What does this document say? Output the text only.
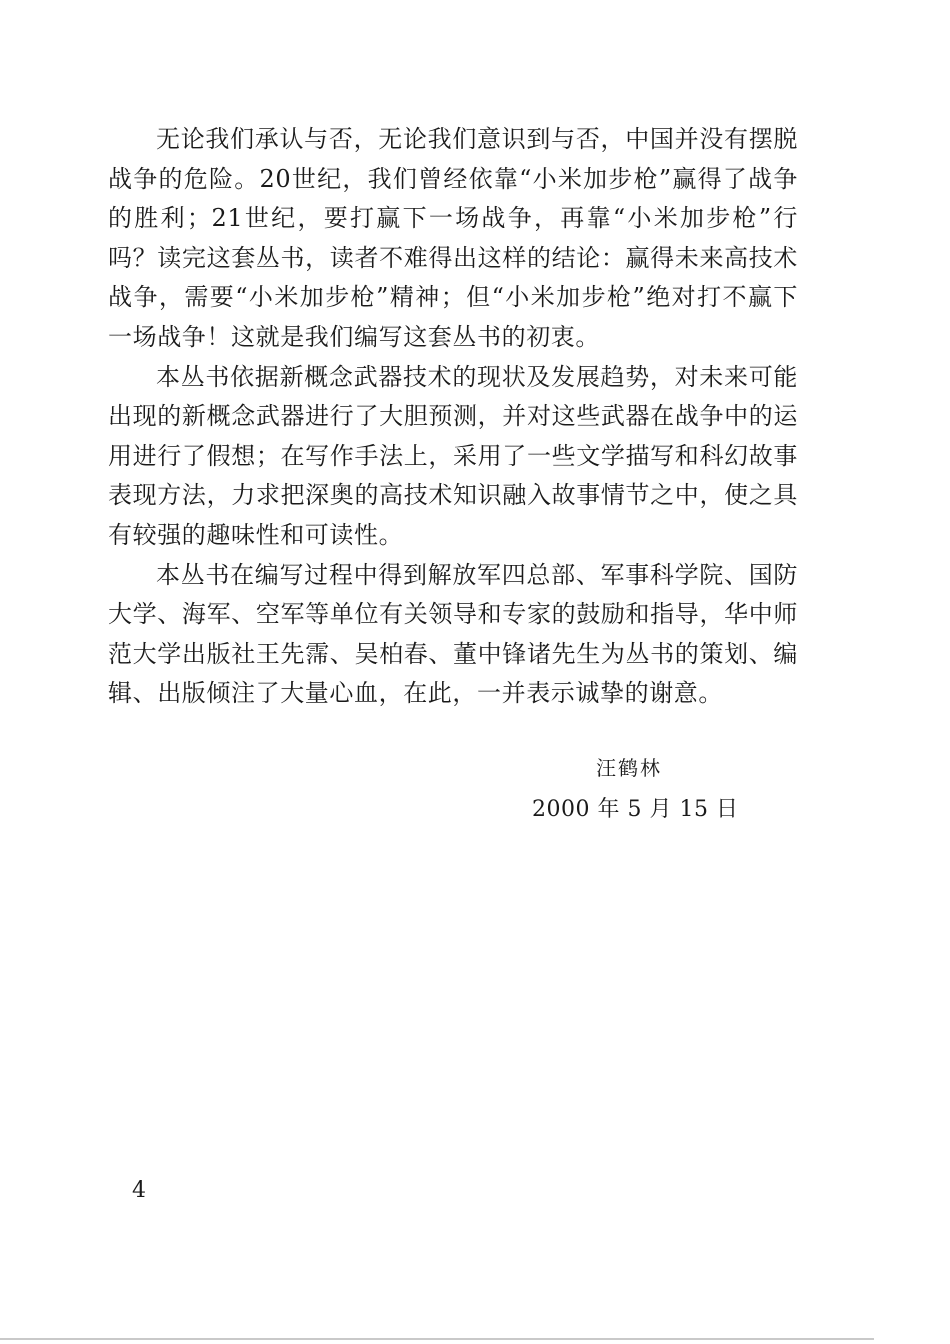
无论我们承认与否，无论我们意识到与否，中国并没有摆脱战争的危险。20世纪，我们曾经依靠“小米加步枪”赢得了战争的胜利；21世纪，要打赢下一场战争，再靠“小米加步枪”行吗？读完这套丛书，读者不难得出这样的结论：赢得未来高技术战争，需要“小米加步枪”精神；但“小米加步枪”绝对打不赢下一场战争！这就是我们编写这套丛书的初衷。

本丛书依据新概念武器技术的现状及发展趋势，对未来可能出现的新概念武器进行了大胆预测，并对这些武器在战争中的运用进行了假想；在写作手法上，采用了一些文学描写和科幻故事表现方法，力求把深奥的高技术知识融入故事情节之中，使之具有较强的趣味性和可读性。

本丛书在编写过程中得到解放军四总部、军事科学院、国防大学、海军、空军等单位有关领导和专家的鼓励和指导，华中师范大学出版社王先霈、吴柏春、董中锋诸先生为丛书的策划、编辑、出版倾注了大量心血，在此，一并表示诚挚的谢意。

汪鹤林
2000 年 5 月 15 日
4
